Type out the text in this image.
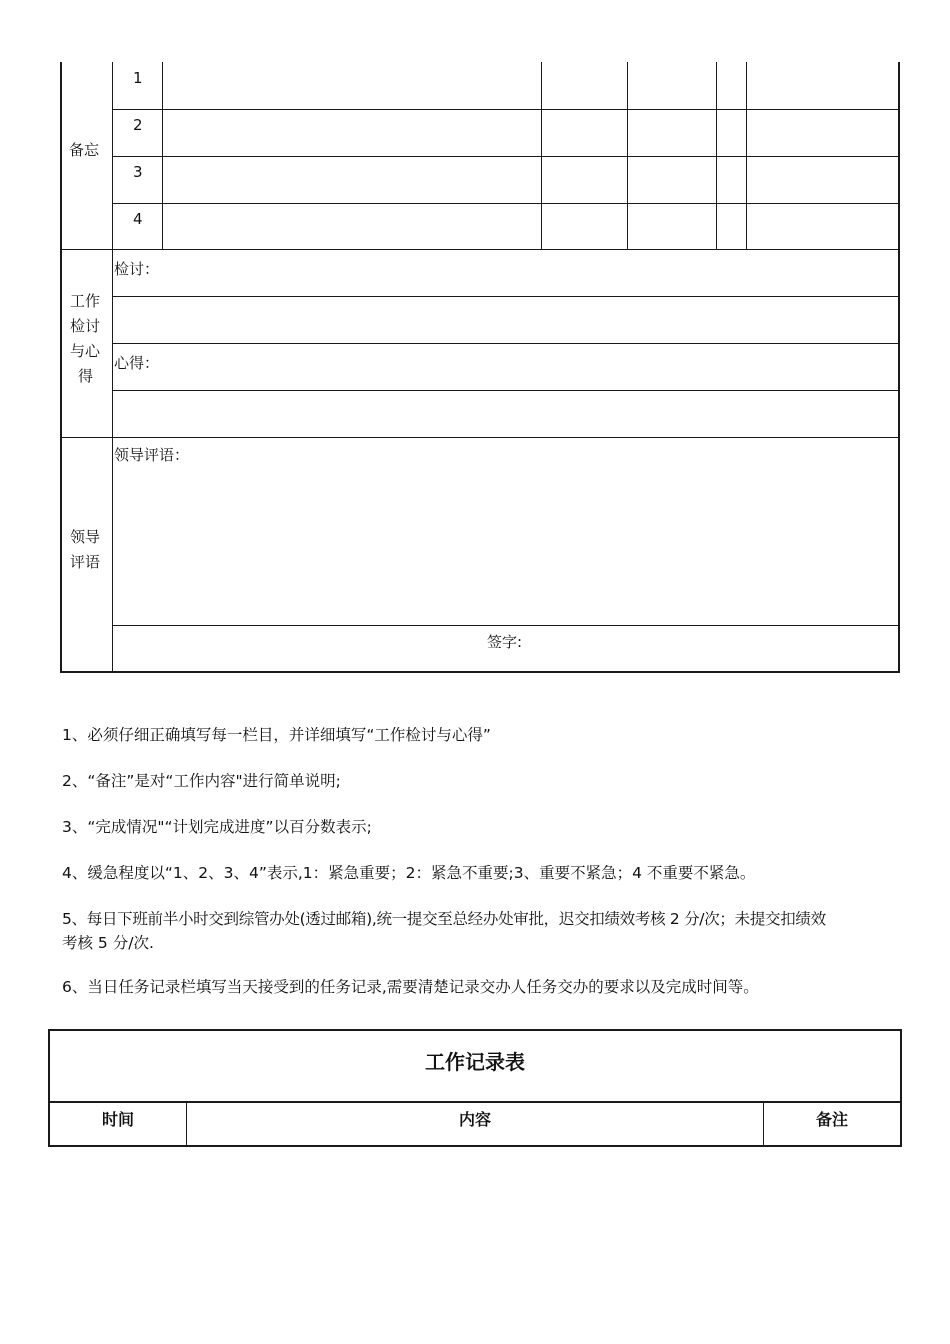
备忘
1
2
3
4
工作
检讨
与心
得
检讨：
心得：
领导
评语
领导评语：
签字:

1、必须仔细正确填写每一栏目，并详细填写“工作检讨与心得”

2、“备注”是对“工作内容"进行简单说明;

3、“完成情况"“计划完成进度”以百分数表示;

4、缓急程度以“1、2、3、4”表示,1：紧急重要；2：紧急不重要;3、重要不紧急；4 不重要不紧急。

5、每日下班前半小时交到综管办处(透过邮箱),统一提交至总经办处审批，迟交扣绩效考核 2 分/次；未提交扣绩效

考核 5 分/次.

6、当日任务记录栏填写当天接受到的任务记录,需要清楚记录交办人任务交办的要求以及完成时间等。

工作记录表
时间	内容	备注
